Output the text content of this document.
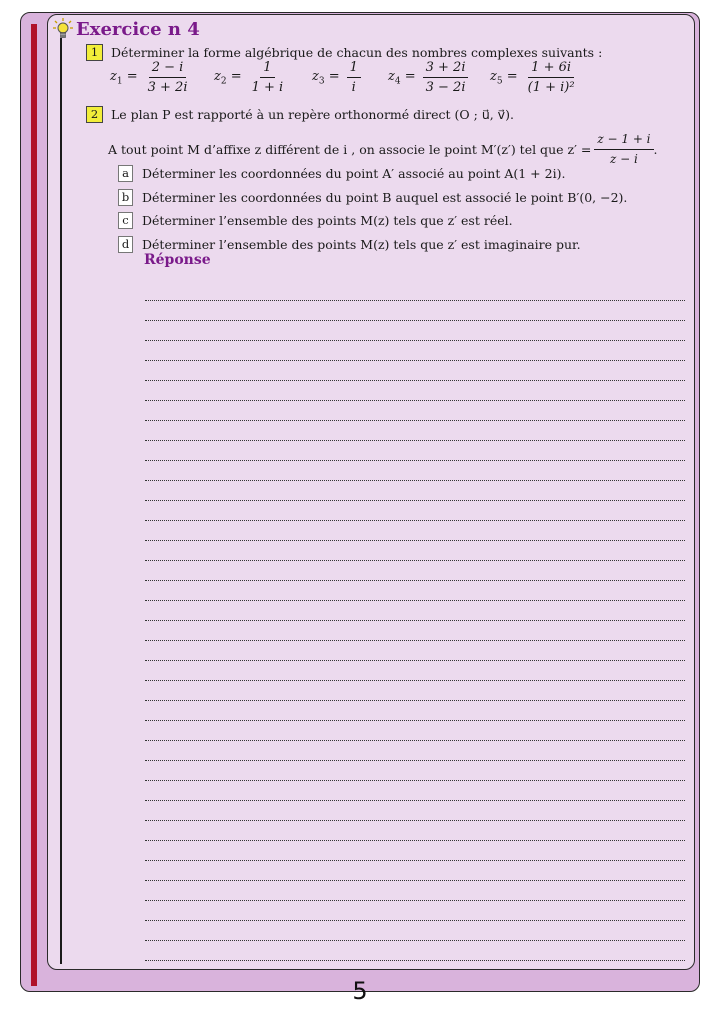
Exercice n 4
1	Déterminer la forme algébrique de chacun des nombres complexes suivants :
$z_1 = \frac{2 - i}{3 + 2i} z_2 = \frac{1}{1 + i} z_3 = \frac{1}{i} z_4 = \frac{3 + 2i}{3 - 2i} z_5 = \frac{1 + 6i}{\text{(1 + i)²}}$
2	Le plan P est rapporté à un repère orthonormé direct (O ; u⃗, v⃗).
A tout point M d’affixe z différent de i , on associe le point M′(z′) tel que $z' = \frac{z - 1 + i}{z - i}$ .
a	Déterminer les coordonnées du point A′ associé au point A(1 + 2i).
b	Déterminer les coordonnées du point B auquel est associé le point B′(0, −2).
c	Déterminer l’ensemble des points M(z) tels que z′ est réel.
d	Déterminer l’ensemble des points M(z) tels que z′ est imaginaire pur.
Réponse
5
